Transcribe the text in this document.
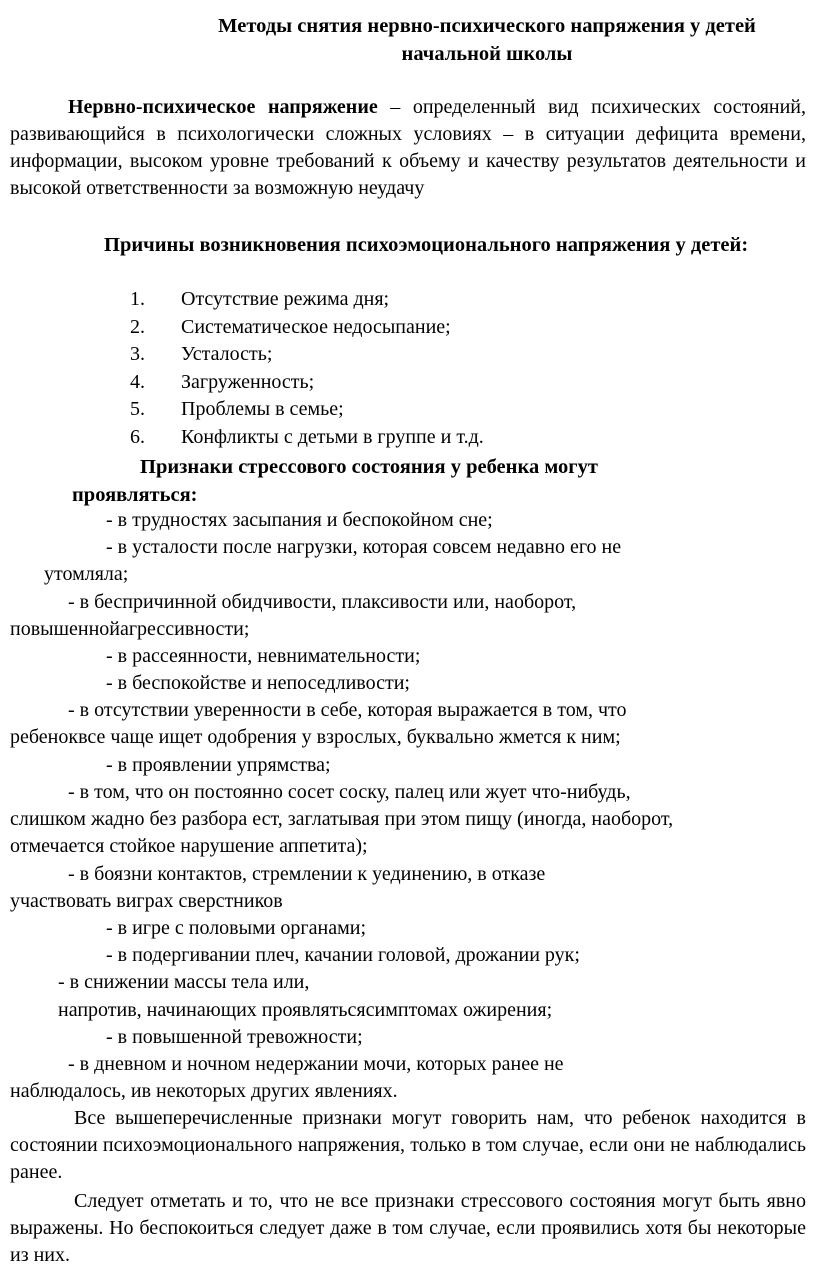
Методы снятия нервно-психического напряжения у детей
начальной школы

Нервно-психическое напряжение – определенный вид психических состояний, развивающийся в психологически сложных условиях – в ситуации дефицита времени, информации, высоком уровне требований к объему и качеству результатов деятельности и высокой ответственности за возможную неудачу

Причины возникновения психоэмоционального напряжения у детей:

1.	Отсутствие режима дня;
2.	Систематическое недосыпание;
3.	Усталость;
4.	Загруженность;
5.	Проблемы в семье;
6.	Конфликты с детьми в группе и т.д.
Признаки стрессового состояния у ребенка могут
проявляться:

- в трудностях засыпания и беспокойном сне;

- в усталости после нагрузки, которая совсем недавно его не

утомляла;

- в беспричинной обидчивости, плаксивости или, наоборот,

повышеннойагрессивности;

- в рассеянности, невнимательности;

- в беспокойстве и непоседливости;

- в отсутствии уверенности в себе, которая выражается в том, что

ребеноквсе чаще ищет одобрения у взрослых, буквально жмется к ним;

- в проявлении упрямства;

- в том, что он постоянно сосет соску, палец или жует что-нибудь,

слишком жадно без разбора ест, заглатывая при этом пищу (иногда, наоборот,

отмечается стойкое нарушение аппетита);

- в боязни контактов, стремлении к уединению, в отказе

участвовать виграх сверстников

- в игре с половыми органами;

- в подергивании плеч, качании головой, дрожании рук;

- в снижении массы тела или,

напротив, начинающих проявлятьсясимптомах ожирения;

- в повышенной тревожности;

- в дневном и ночном недержании мочи, которых ранее не

наблюдалось, ив некоторых других явлениях.

Все вышеперечисленные признаки могут говорить нам, что ребенок находится в состоянии психоэмоционального напряжения, только в том случае, если они не наблюдались ранее.

Следует отметать и то, что не все признаки стрессового состояния могут быть явно выражены. Но беспокоиться следует даже в том случае, если проявились хотя бы некоторые из них.
